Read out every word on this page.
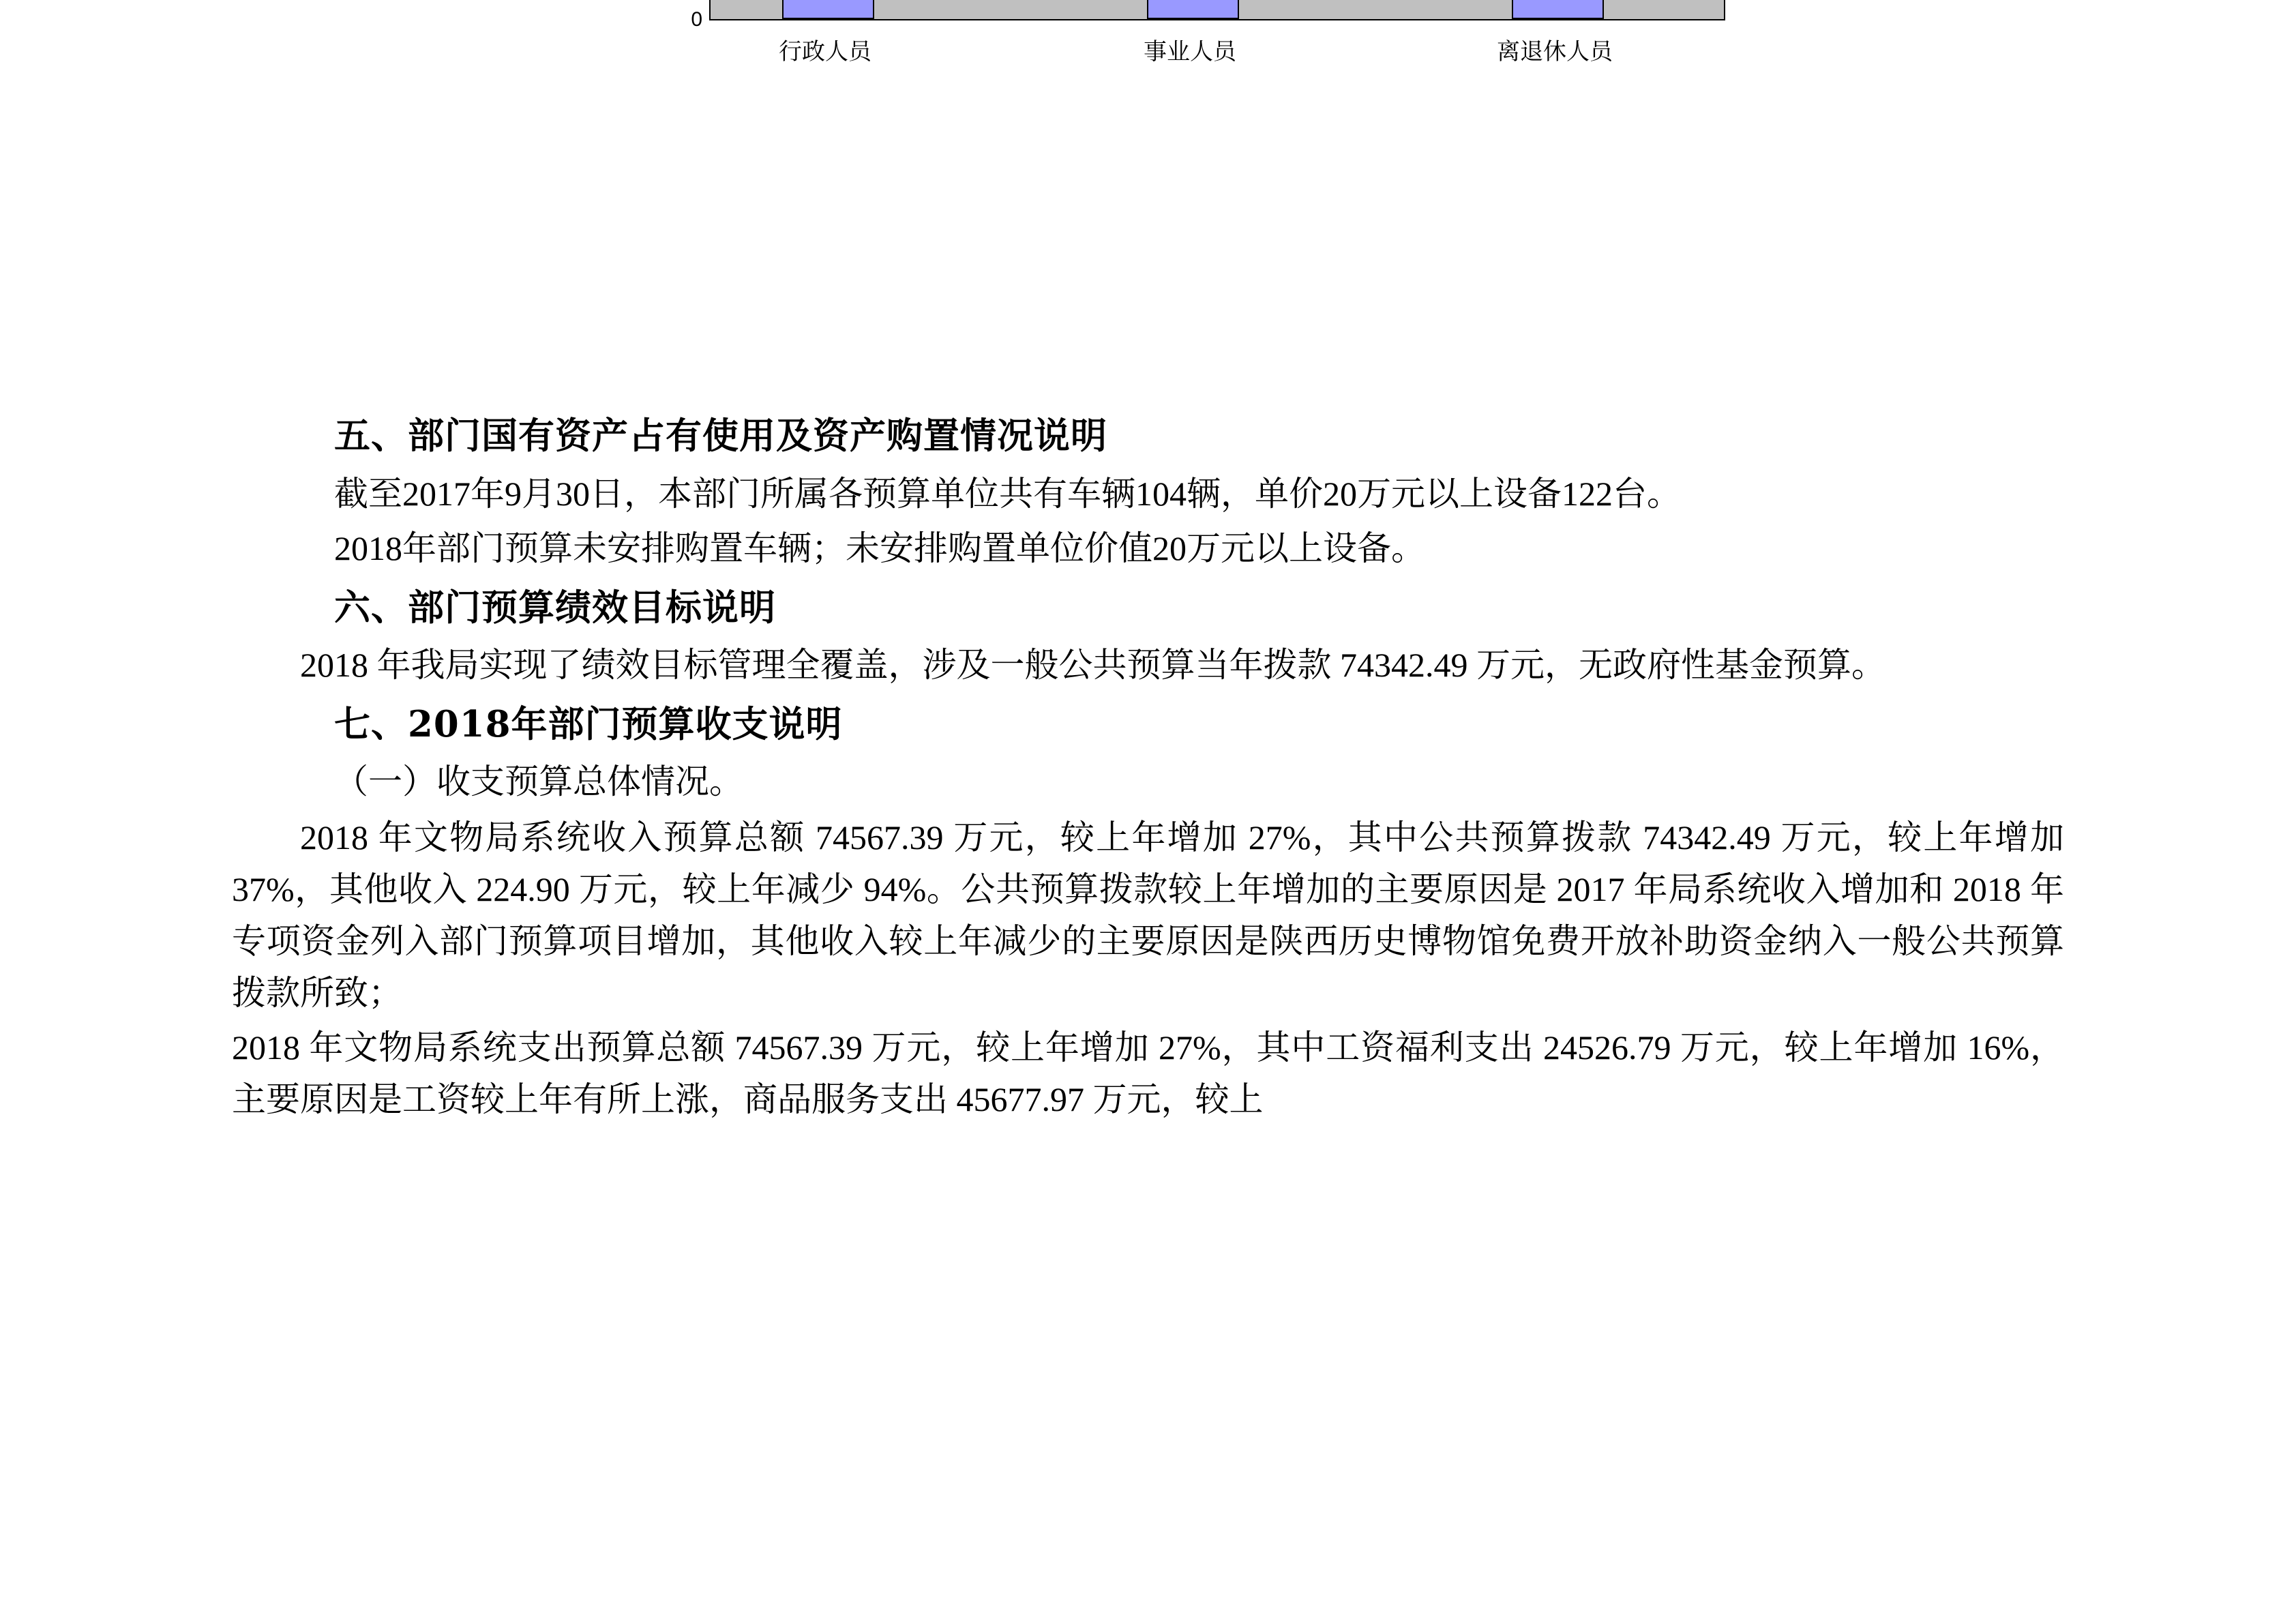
0
行政人员	事业人员	离退休人员
五、部门国有资产占有使用及资产购置情况说明

截至2017年9月30日，本部门所属各预算单位共有车辆104辆，单价20万元以上设备122台。

2018年部门预算未安排购置车辆；未安排购置单位价值20万元以上设备。

六、部门预算绩效目标说明

2018 年我局实现了绩效目标管理全覆盖，涉及一般公共预算当年拨款 74342.49 万元，无政府性基金预算。

七、2018年部门预算收支说明
（一）收支预算总体情况。

2018 年文物局系统收入预算总额 74567.39 万元，较上年增加 27%，其中公共预算拨款 74342.49 万元，较上年增加 37%，其他收入 224.90 万元，较上年减少 94%。公共预算拨款较上年增加的主要原因是 2017 年局系统收入增加和 2018 年专项资金列入部门预算项目增加，其他收入较上年减少的主要原因是陕西历史博物馆免费开放补助资金纳入一般公共预算拨款所致；

2018 年文物局系统支出预算总额 74567.39 万元，较上年增加 27%，其中工资福利支出 24526.79 万元，较上年增加 16%，主要原因是工资较上年有所上涨，商品服务支出 45677.97 万元，较上
